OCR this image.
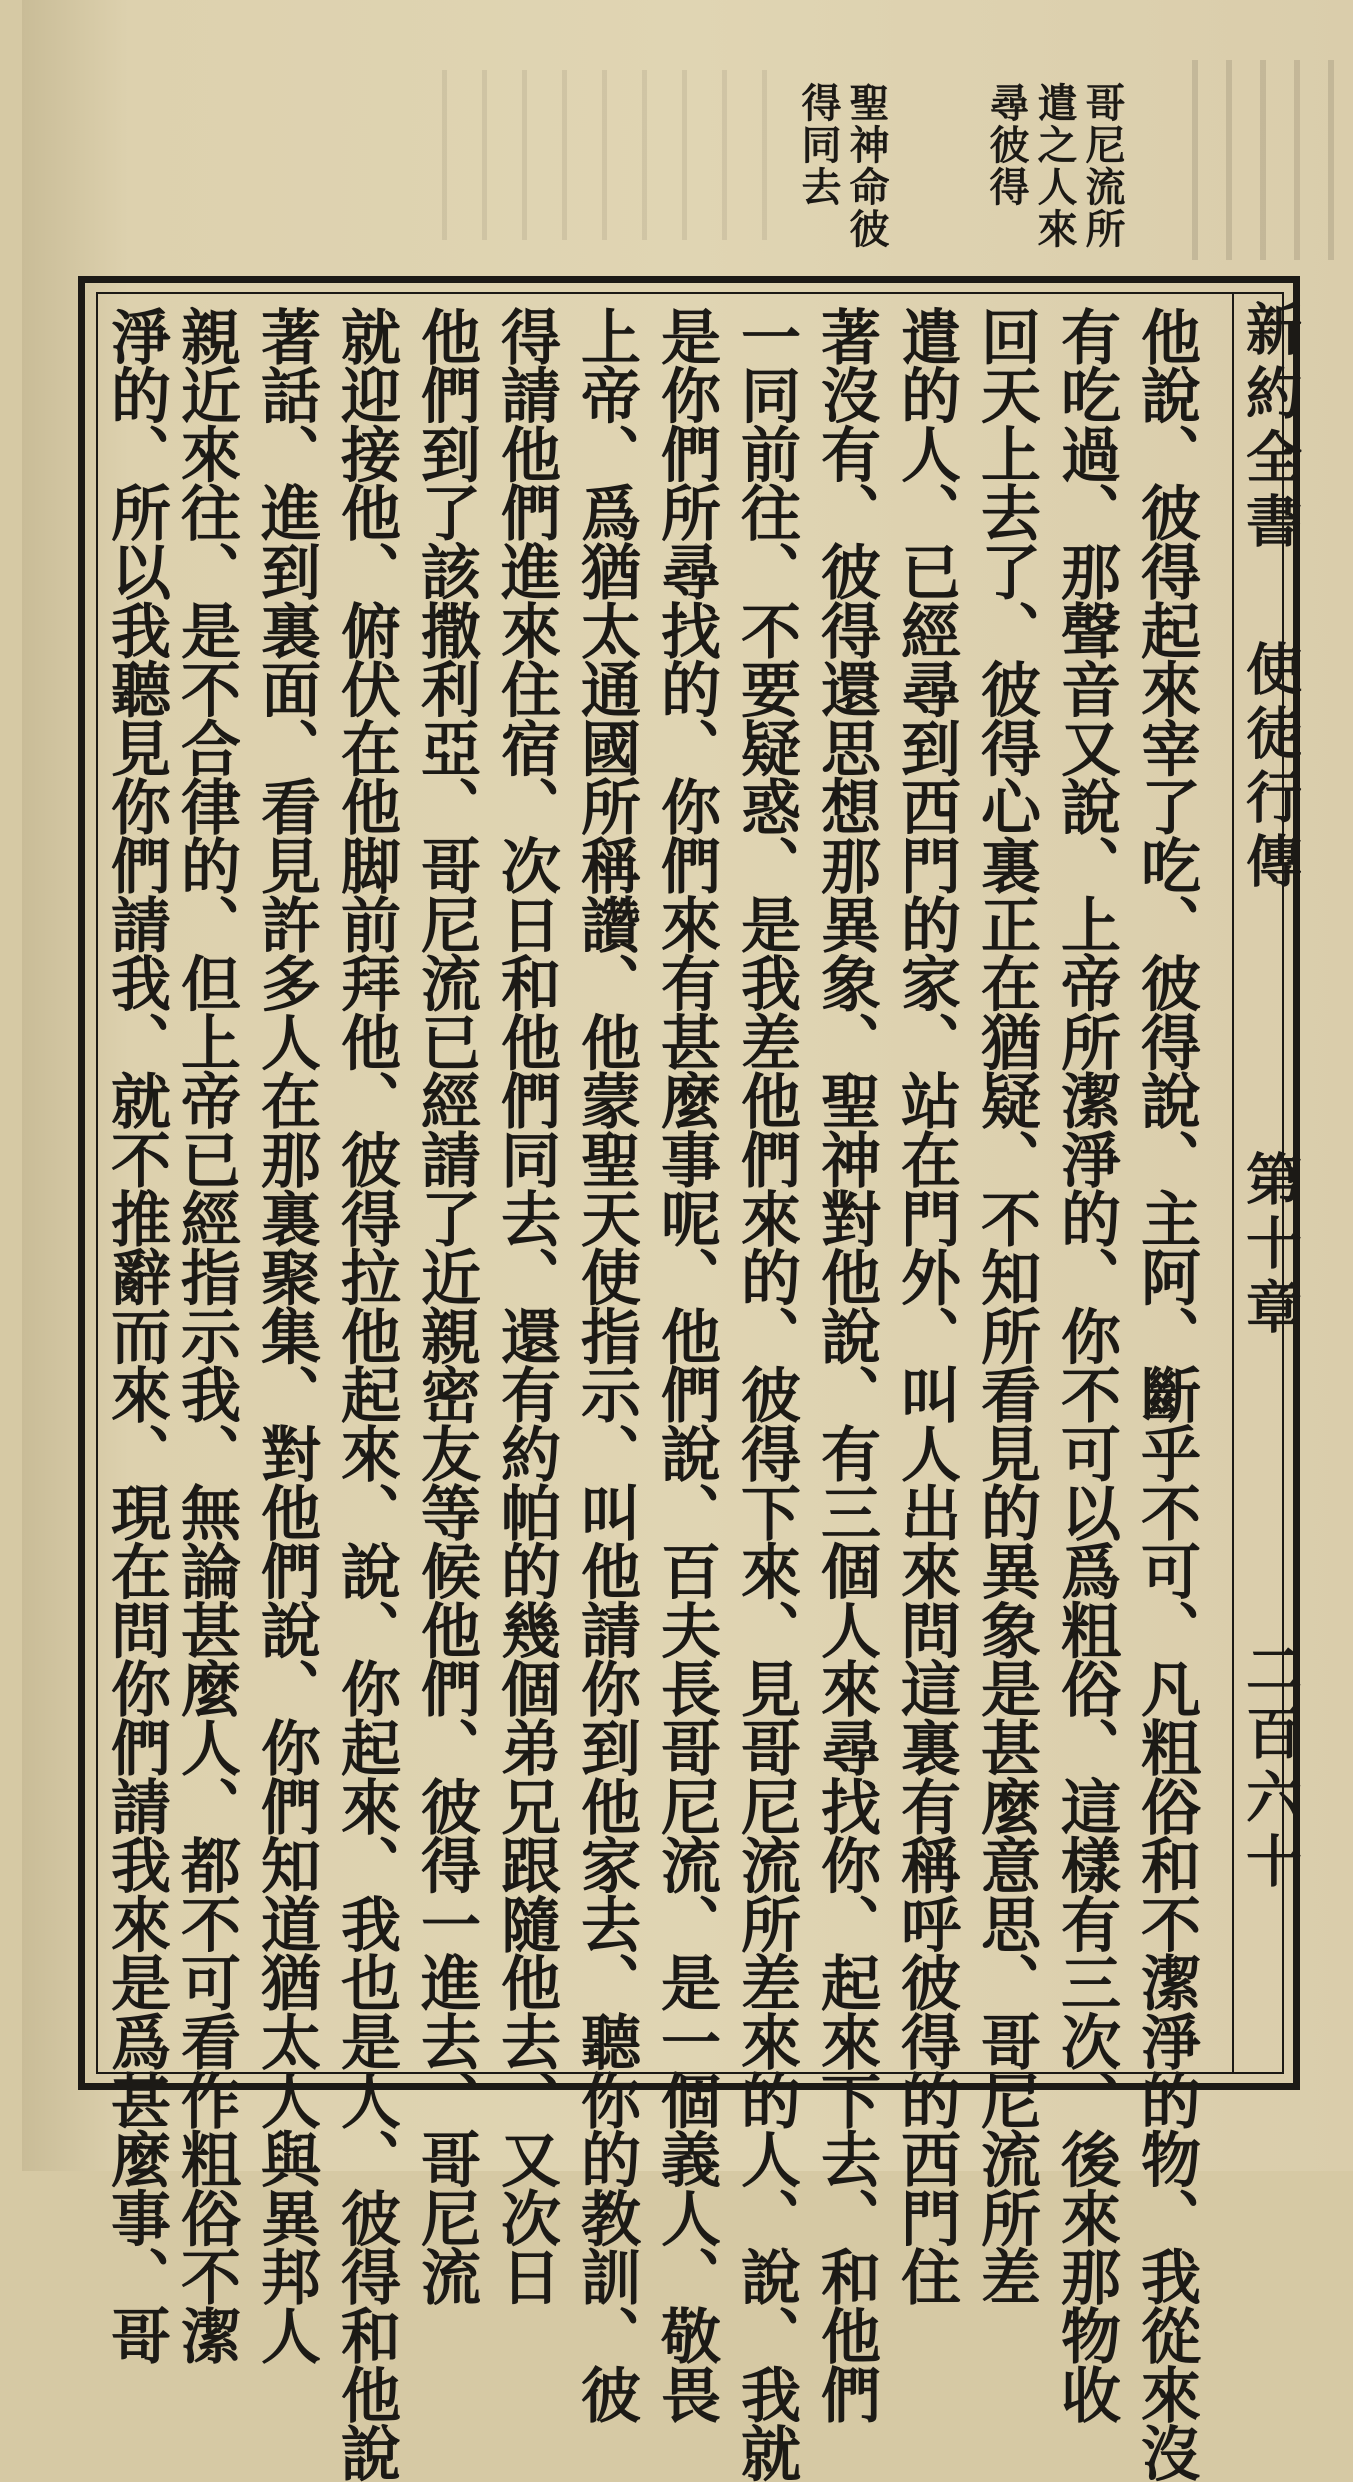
哥尼流所
遣之人來
尋彼得
聖神命彼
得同去
新約全書
使徒行傳
第十章
二百六十
他說、彼得起來宰了吃、彼得說、主阿、斷乎不可、凡粗俗和不潔淨的物、我從來沒
有吃過、那聲音又說、上帝所潔淨的、你不可以爲粗俗、這樣有三次、後來那物收
回天上去了、彼得心裏正在猶疑、不知所看見的異象是甚麼意思、哥尼流所差
遣的人、已經尋到西門的家、站在門外、叫人出來問這裏有稱呼彼得的西門住
著沒有、彼得還思想那異象、聖神對他說、有三個人來尋找你、起來下去、和他們
一同前往、不要疑惑、是我差他們來的、彼得下來、見哥尼流所差來的人、說、我就
是你們所尋找的、你們來有甚麼事呢、他們說、百夫長哥尼流、是一個義人、敬畏
上帝、爲猶太通國所稱讚、他蒙聖天使指示、叫他請你到他家去、聽你的教訓、彼
得請他們進來住宿、次日和他們同去、還有約帕的幾個弟兄跟隨他去、又次日
他們到了該撒利亞、哥尼流已經請了近親密友等候他們、彼得一進去、哥尼流
就迎接他、俯伏在他脚前拜他、彼得拉他起來、說、你起來、我也是人、彼得和他說
著話、進到裏面、看見許多人在那裏聚集、對他們說、你們知道猶太人與異邦人
親近來往、是不合律的、但上帝已經指示我、無論甚麼人、都不可看作粗俗不潔
淨的、所以我聽見你們請我、就不推辭而來、現在問你們請我來是爲甚麼事、哥
